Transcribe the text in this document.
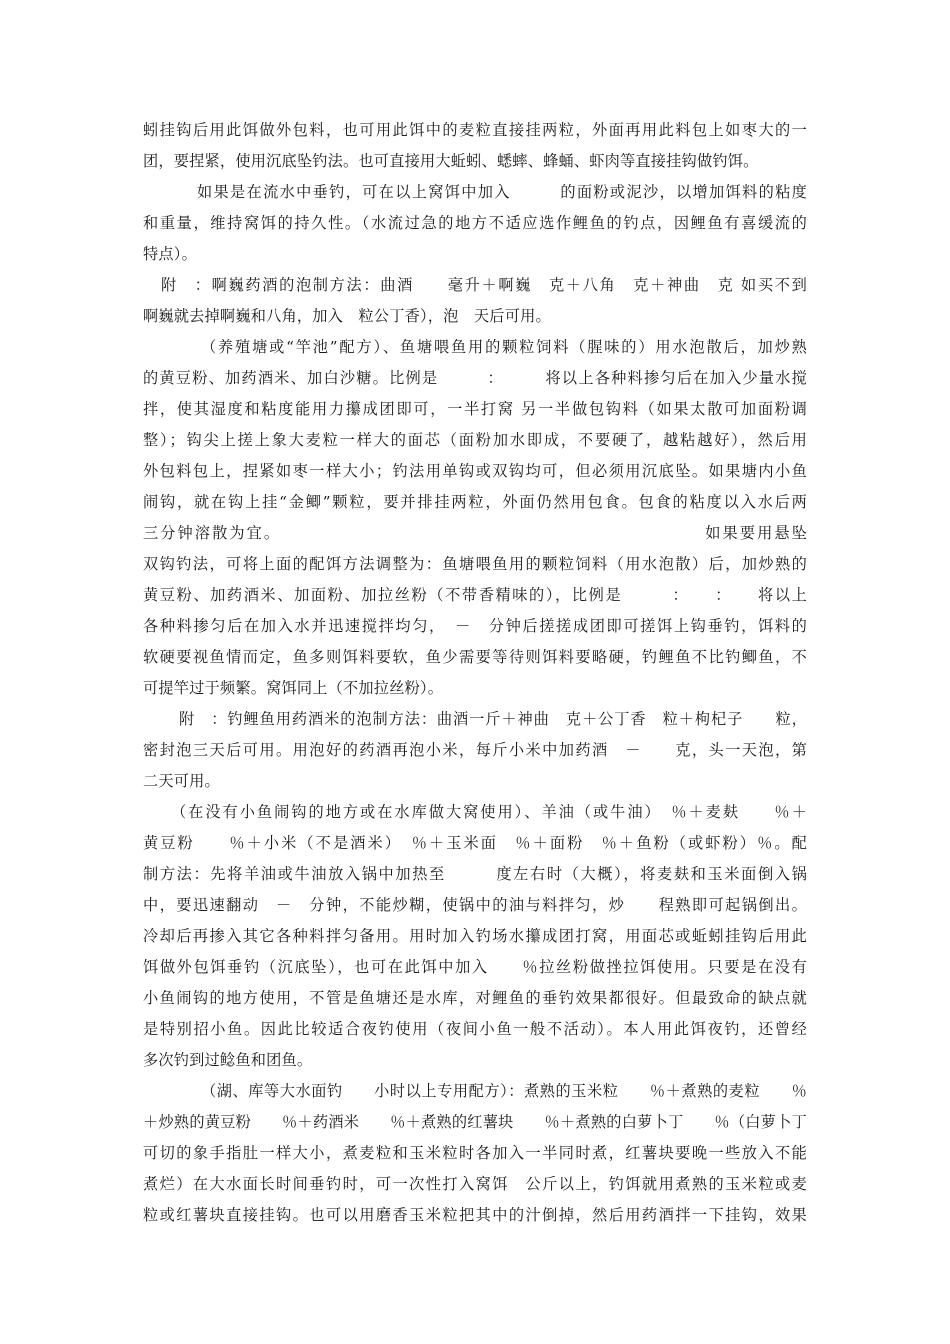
蚓挂钩后用此饵做外包料，也可用此饵中的麦粒直接挂两粒，外面再用此料包上如枣大的一
团，要捏紧，使用沉底坠钓法。也可直接用大蚯蚓、蟋蟀、蜂蛹、虾肉等直接挂钩做钓饵。
如果是在流水中垂钓，可在以上窝饵中加入　　　的面粉或泥沙，以增加饵料的粘度
和重量，维持窝饵的持久性。（水流过急的地方不适应选作鲤鱼的钓点，因鲤鱼有喜缓流的
特点）。
附　：啊巍药酒的泡制方法：曲酒　　毫升＋啊巍　克＋八角　克＋神曲　克 如买不到
啊巍就去掉啊巍和八角，加入　粒公丁香），泡　天后可用。
（养殖塘或“竿池”配方）、鱼塘喂鱼用的颗粒饲料（腥味的）用水泡散后，加炒熟
的黄豆粉、加药酒米、加白沙糖。比例是　　　：　　　将以上各种料掺匀后在加入少量水搅
拌，使其湿度和粘度能用力攥成团即可，一半打窝 另一半做包钩料（如果太散可加面粉调
整）；钩尖上搓上象大麦粒一样大的面芯（面粉加水即成，不要硬了，越粘越好），然后用
外包料包上，捏紧如枣一样大小；钓法用单钩或双钩均可，但必须用沉底坠。如果塘内小鱼
闹钩，就在钩上挂“金鲫”颗粒，要并排挂两粒，外面仍然用包食。包食的粘度以入水后两
三分钟溶散为宜。　　　　　　　　　　　　　　　　　　　　　　　　　如果要用悬坠
双钩钓法，可将上面的配饵方法调整为：鱼塘喂鱼用的颗粒饲料（用水泡散）后，加炒熟的
黄豆粉、加药酒米、加面粉、加拉丝粉（不带香精味的），比例是　　　：　　：　　将以上
各种料掺匀后在加入水并迅速搅拌均匀，　－　分钟后搓搓成团即可搓饵上钩垂钓，饵料的
软硬要视鱼情而定，鱼多则饵料要软，鱼少需要等待则饵料要略硬，钓鲤鱼不比钓鲫鱼，不
可提竿过于频繁。窝饵同上（不加拉丝粉）。
附　：钓鲤鱼用药酒米的泡制方法：曲酒一斤＋神曲　克＋公丁香　粒＋枸杞子　　粒，
密封泡三天后可用。用泡好的药酒再泡小米，每斤小米中加药酒　－　　克，头一天泡，第
二天可用。
（在没有小鱼闹钩的地方或在水库做大窝使用）、羊油（或牛油）　％＋麦麸　　％＋
黄豆粉　　％＋小米（不是酒米）　％＋玉米面　％＋面粉　％＋鱼粉（或虾粉）％。配
制方法：先将羊油或牛油放入锅中加热至　　　度左右时（大概），将麦麸和玉米面倒入锅
中，要迅速翻动　－　分钟，不能炒糊，使锅中的油与料拌匀，炒　　程熟即可起锅倒出。
冷却后再掺入其它各种料拌匀备用。用时加入钓场水攥成团打窝，用面芯或蚯蚓挂钩后用此
饵做外包饵垂钓（沉底坠），也可在此饵中加入　　％拉丝粉做挫拉饵使用。只要是在没有
小鱼闹钩的地方使用，不管是鱼塘还是水库，对鲤鱼的垂钓效果都很好。但最致命的缺点就
是特别招小鱼。因此比较适合夜钓使用（夜间小鱼一般不活动）。本人用此饵夜钓，还曾经
多次钓到过鲶鱼和团鱼。
（湖、库等大水面钓　　小时以上专用配方）：煮熟的玉米粒　　％＋煮熟的麦粒　　％
＋炒熟的黄豆粉　　％＋药酒米　　％＋煮熟的红薯块　　％＋煮熟的白萝卜丁　　％（白萝卜丁
可切的象手指肚一样大小，煮麦粒和玉米粒时各加入一半同时煮，红薯块要晚一些放入不能
煮烂）在大水面长时间垂钓时，可一次性打入窝饵　公斤以上，钓饵就用煮熟的玉米粒或麦
粒或红薯块直接挂钩。也可以用磨香玉米粒把其中的汁倒掉，然后用药酒拌一下挂钩，效果
